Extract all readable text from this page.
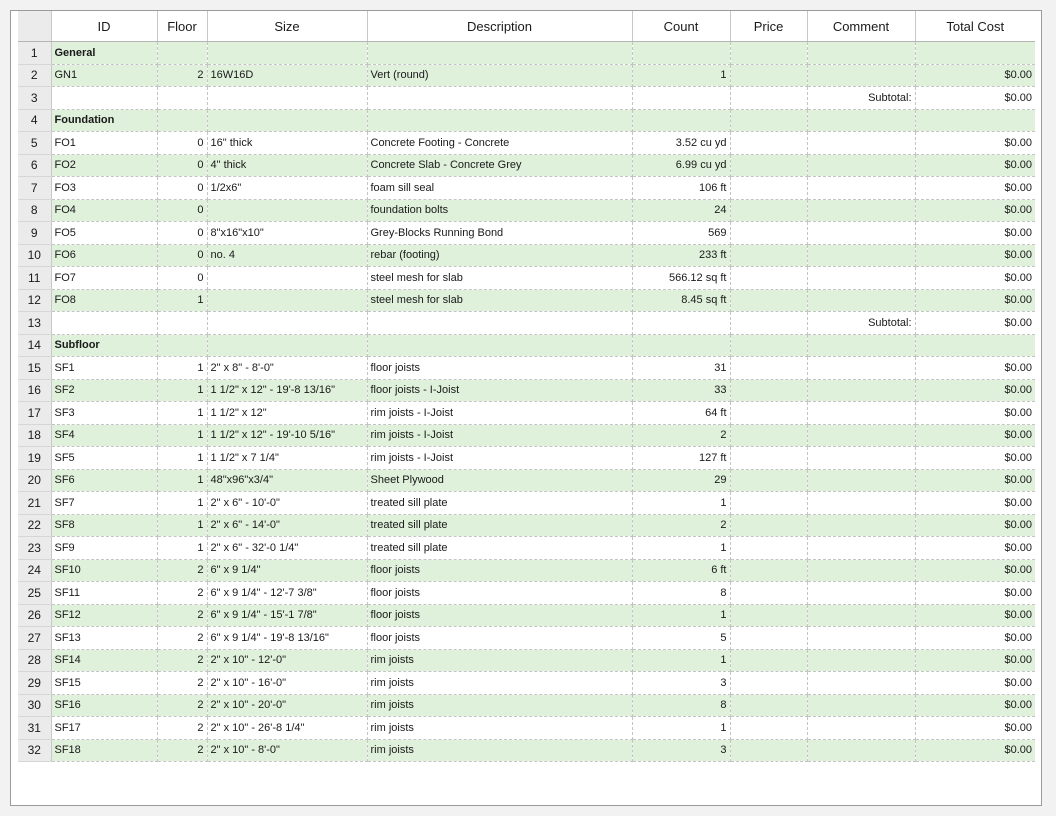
	ID	Floor	Size	Description	Count	Price	Comment	Total Cost
1	General							
2	GN1	2	16W16D	Vert (round)	1			$0.00
3							Subtotal:	$0.00
4	Foundation							
5	FO1	0	16" thick	Concrete Footing - Concrete	3.52 cu yd			$0.00
6	FO2	0	4" thick	Concrete Slab - Concrete Grey	6.99 cu yd			$0.00
7	FO3	0	1/2x6"	foam sill seal	106 ft			$0.00
8	FO4	0		foundation bolts	24			$0.00
9	FO5	0	8"x16"x10"	Grey-Blocks Running Bond	569			$0.00
10	FO6	0	no. 4	rebar (footing)	233 ft			$0.00
11	FO7	0		steel mesh for slab	566.12 sq ft			$0.00
12	FO8	1		steel mesh for slab	8.45 sq ft			$0.00
13							Subtotal:	$0.00
14	Subfloor							
15	SF1	1	2" x 8" - 8'-0"	floor joists	31			$0.00
16	SF2	1	1 1/2" x 12" - 19'-8 13/16"	floor joists - I-Joist	33			$0.00
17	SF3	1	1 1/2" x 12"	rim joists - I-Joist	64 ft			$0.00
18	SF4	1	1 1/2" x 12" - 19'-10 5/16"	rim joists - I-Joist	2			$0.00
19	SF5	1	1 1/2" x 7 1/4"	rim joists - I-Joist	127 ft			$0.00
20	SF6	1	48"x96"x3/4"	Sheet Plywood	29			$0.00
21	SF7	1	2" x 6" - 10'-0"	treated sill plate	1			$0.00
22	SF8	1	2" x 6" - 14'-0"	treated sill plate	2			$0.00
23	SF9	1	2" x 6" - 32'-0 1/4"	treated sill plate	1			$0.00
24	SF10	2	6" x 9 1/4"	floor joists	6 ft			$0.00
25	SF11	2	6" x 9 1/4" - 12'-7 3/8"	floor joists	8			$0.00
26	SF12	2	6" x 9 1/4" - 15'-1 7/8"	floor joists	1			$0.00
27	SF13	2	6" x 9 1/4" - 19'-8 13/16"	floor joists	5			$0.00
28	SF14	2	2" x 10" - 12'-0"	rim joists	1			$0.00
29	SF15	2	2" x 10" - 16'-0"	rim joists	3			$0.00
30	SF16	2	2" x 10" - 20'-0"	rim joists	8			$0.00
31	SF17	2	2" x 10" - 26'-8 1/4"	rim joists	1			$0.00
32	SF18	2	2" x 10" - 8'-0"	rim joists	3			$0.00
